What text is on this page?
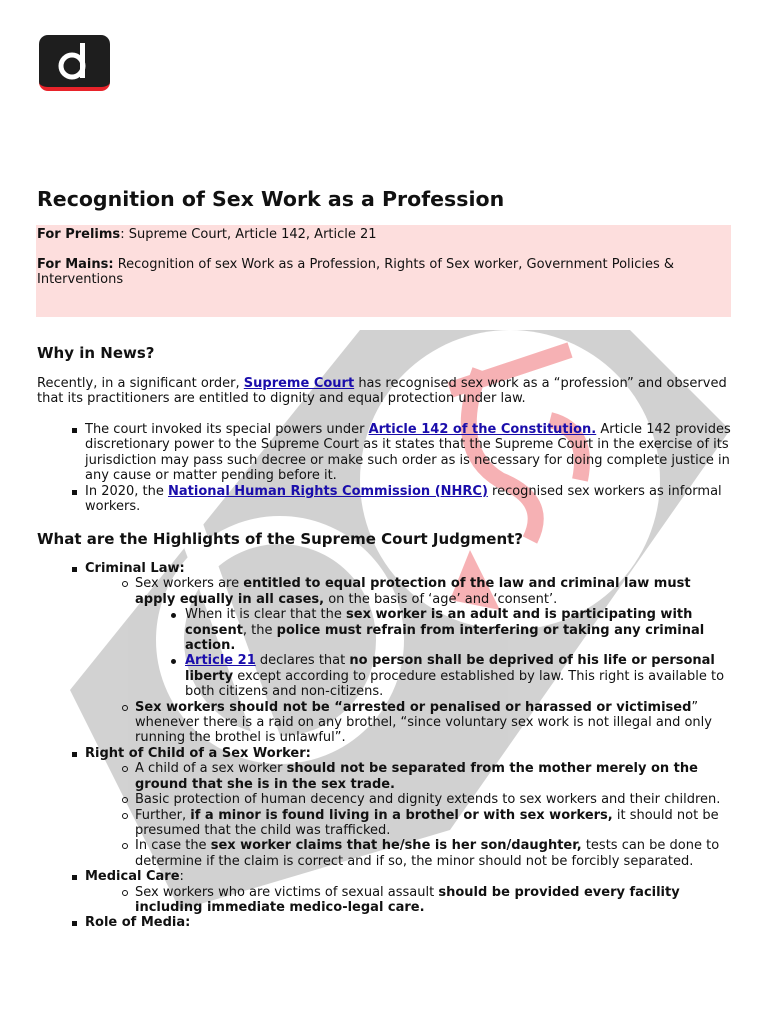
Recognition of Sex Work as a Profession
For Prelims: Supreme Court, Article 142, Article 21
For Mains: Recognition of sex Work as a Profession, Rights of Sex worker, Government Policies & Interventions
Why in News?

Recently, in a significant order, Supreme Court has recognised sex work as a “profession” and observed that its practitioners are entitled to dignity and equal protection under law.

The court invoked its special powers under Article 142 of the Constitution. Article 142 provides discretionary power to the Supreme Court as it states that the Supreme Court in the exercise of its jurisdiction may pass such decree or make such order as is necessary for doing complete justice in any cause or matter pending before it.
In 2020, the National Human Rights Commission (NHRC) recognised sex workers as informal workers.
What are the Highlights of the Supreme Court Judgment?
Criminal Law:
Sex workers are entitled to equal protection of the law and criminal law must apply equally in all cases, on the basis of ‘age’ and ‘consent’.
When it is clear that the sex worker is an adult and is participating with consent, the police must refrain from interfering or taking any criminal action.
Article 21 declares that no person shall be deprived of his life or personal liberty except according to procedure established by law. This right is available to both citizens and non-citizens.
Sex workers should not be “arrested or penalised or harassed or victimised” whenever there is a raid on any brothel, “since voluntary sex work is not illegal and only running the brothel is unlawful”.
Right of Child of a Sex Worker:
A child of a sex worker should not be separated from the mother merely on the ground that she is in the sex trade.
Basic protection of human decency and dignity extends to sex workers and their children.
Further, if a minor is found living in a brothel or with sex workers, it should not be presumed that the child was trafficked.
In case the sex worker claims that he/she is her son/daughter, tests can be done to determine if the claim is correct and if so, the minor should not be forcibly separated.
Medical Care:
Sex workers who are victims of sexual assault should be provided every facility including immediate medico-legal care.
Role of Media:
